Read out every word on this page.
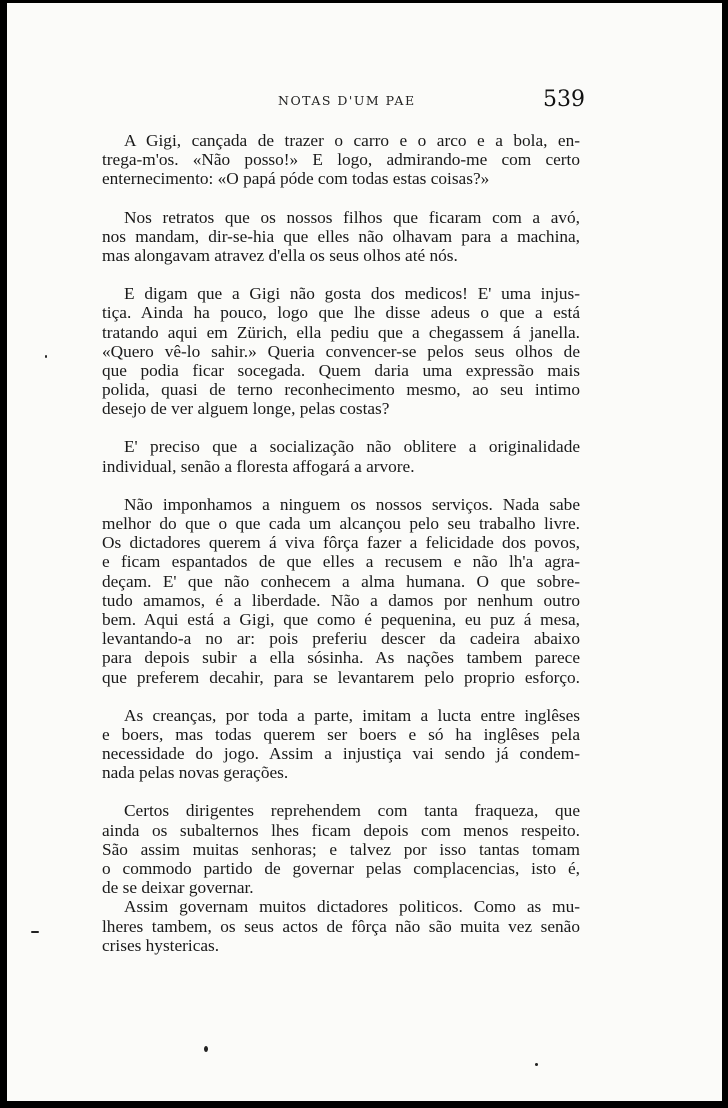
NOTAS D'UM PAE	539
A Gigi, cançada de trazer o carro e o arco e a bola, en-
trega-m'os. «Não posso!» E logo, admirando-me com certo
enternecimento: «O papá póde com todas estas coisas?»
Nos retratos que os nossos filhos que ficaram com a avó,
nos mandam, dir-se-hia que elles não olhavam para a machina,
mas alongavam atravez d'ella os seus olhos até nós.
E digam que a Gigi não gosta dos medicos! E' uma injus-
tiça. Ainda ha pouco, logo que lhe disse adeus o que a está
tratando aqui em Zürich, ella pediu que a chegassem á janella.
«Quero vê-lo sahir.» Queria convencer-se pelos seus olhos de
que podia ficar socegada. Quem daria uma expressão mais
polida, quasi de terno reconhecimento mesmo, ao seu intimo
desejo de ver alguem longe, pelas costas?
E' preciso que a socialização não oblitere a originalidade
individual, senão a floresta affogará a arvore.
Não imponhamos a ninguem os nossos serviços. Nada sabe
melhor do que o que cada um alcançou pelo seu trabalho livre.
Os dictadores querem á viva fôrça fazer a felicidade dos povos,
e ficam espantados de que elles a recusem e não lh'a agra-
deçam. E' que não conhecem a alma humana. O que sobre-
tudo amamos, é a liberdade. Não a damos por nenhum outro
bem. Aqui está a Gigi, que como é pequenina, eu puz á mesa,
levantando-a no ar: pois preferiu descer da cadeira abaixo
para depois subir a ella sósinha. As nações tambem parece
que preferem decahir, para se levantarem pelo proprio esforço.
As creanças, por toda a parte, imitam a lucta entre inglêses
e boers, mas todas querem ser boers e só ha inglêses pela
necessidade do jogo. Assim a injustiça vai sendo já condem-
nada pelas novas gerações.
Certos dirigentes reprehendem com tanta fraqueza, que
ainda os subalternos lhes ficam depois com menos respeito.
São assim muitas senhoras; e talvez por isso tantas tomam
o commodo partido de governar pelas complacencias, isto é,
de se deixar governar.
Assim governam muitos dictadores politicos. Como as mu-
lheres tambem, os seus actos de fôrça não são muita vez senão
crises hystericas.
